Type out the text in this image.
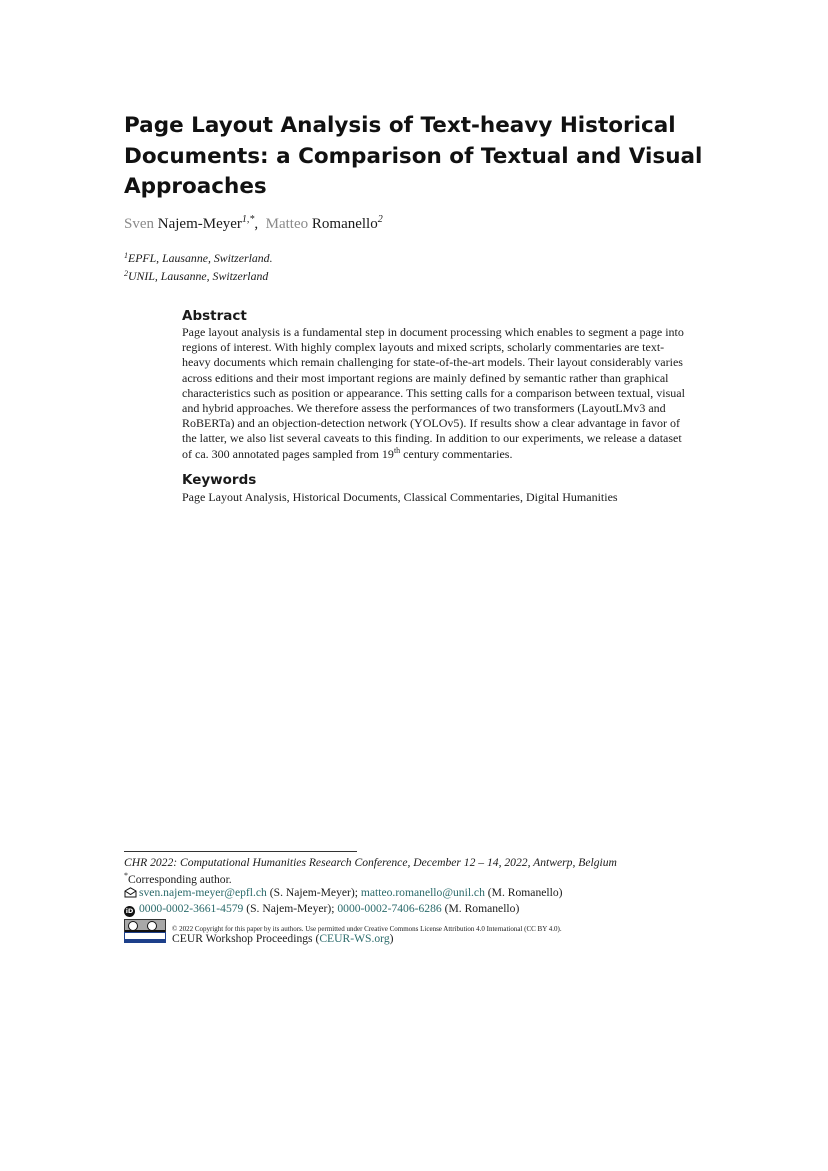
Page Layout Analysis of Text-heavy Historical
Documents: a Comparison of Textual and Visual
Approaches
Sven Najem-Meyer$^{1,*}$,  Matteo Romanello$^2$
$^1$EPFL, Lausanne, Switzerland.
$^2$UNIL, Lausanne, Switzerland
Abstract
Page layout analysis is a fundamental step in document processing which enables to segment a page into
regions of interest. With highly complex layouts and mixed scripts, scholarly commentaries are text-
heavy documents which remain challenging for state-of-the-art models. Their layout considerably varies
across editions and their most important regions are mainly defined by semantic rather than graphical
characteristics such as position or appearance. This setting calls for a comparison between textual, visual
and hybrid approaches. We therefore assess the performances of two transformers (LayoutLMv3 and
RoBERTa) and an objection-detection network (YOLOv5). If results show a clear advantage in favor of
the latter, we also list several caveats to this finding. In addition to our experiments, we release a dataset
of ca. 300 annotated pages sampled from 19th century commentaries.
Keywords
Page Layout Analysis, Historical Documents, Classical Commentaries, Digital Humanities
CHR 2022: Computational Humanities Research Conference, December 12 – 14, 2022, Antwerp, Belgium
*Corresponding author.
sven.najem-meyer@epfl.ch (S. Najem-Meyer); matteo.romanello@unil.ch (M. Romanello)
iD 0000-0002-3661-4579 (S. Najem-Meyer); 0000-0002-7406-6286 (M. Romanello)
© 2022 Copyright for this paper by its authors. Use permitted under Creative Commons License Attribution 4.0 International (CC BY 4.0).
CEUR Workshop Proceedings (CEUR-WS.org)
